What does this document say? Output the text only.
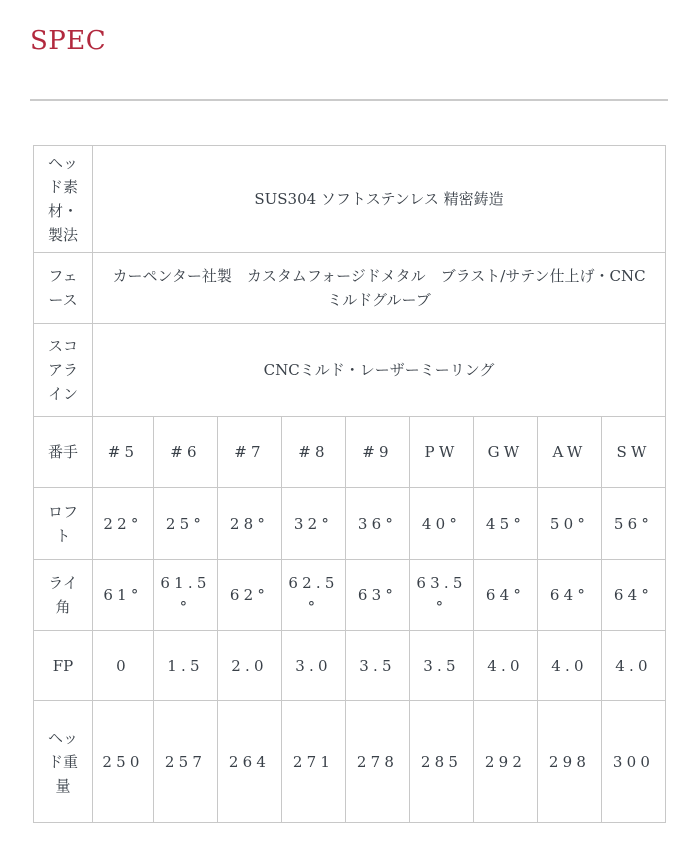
SPEC
ヘッド素材・製法	SUS304 ソフトステンレス 精密鋳造								
フェース	カーペンター社製　カスタムフォージドメタル　ブラスト/サテン仕上げ・CNCミルドグルーブ								
スコアライン	CNCミルド・レーザーミーリング								
番手	#5	#6	#7	#8	#9	PW	GW	AW	SW
ロフト	22°	25°	28°	32°	36°	40°	45°	50°	56°
ライ角	61°	61.5°	62°	62.5°	63°	63.5°	64°	64°	64°
FP	0	1.5	2.0	3.0	3.5	3.5	4.0	4.0	4.0
ヘッド重量	250	257	264	271	278	285	292	298	300
